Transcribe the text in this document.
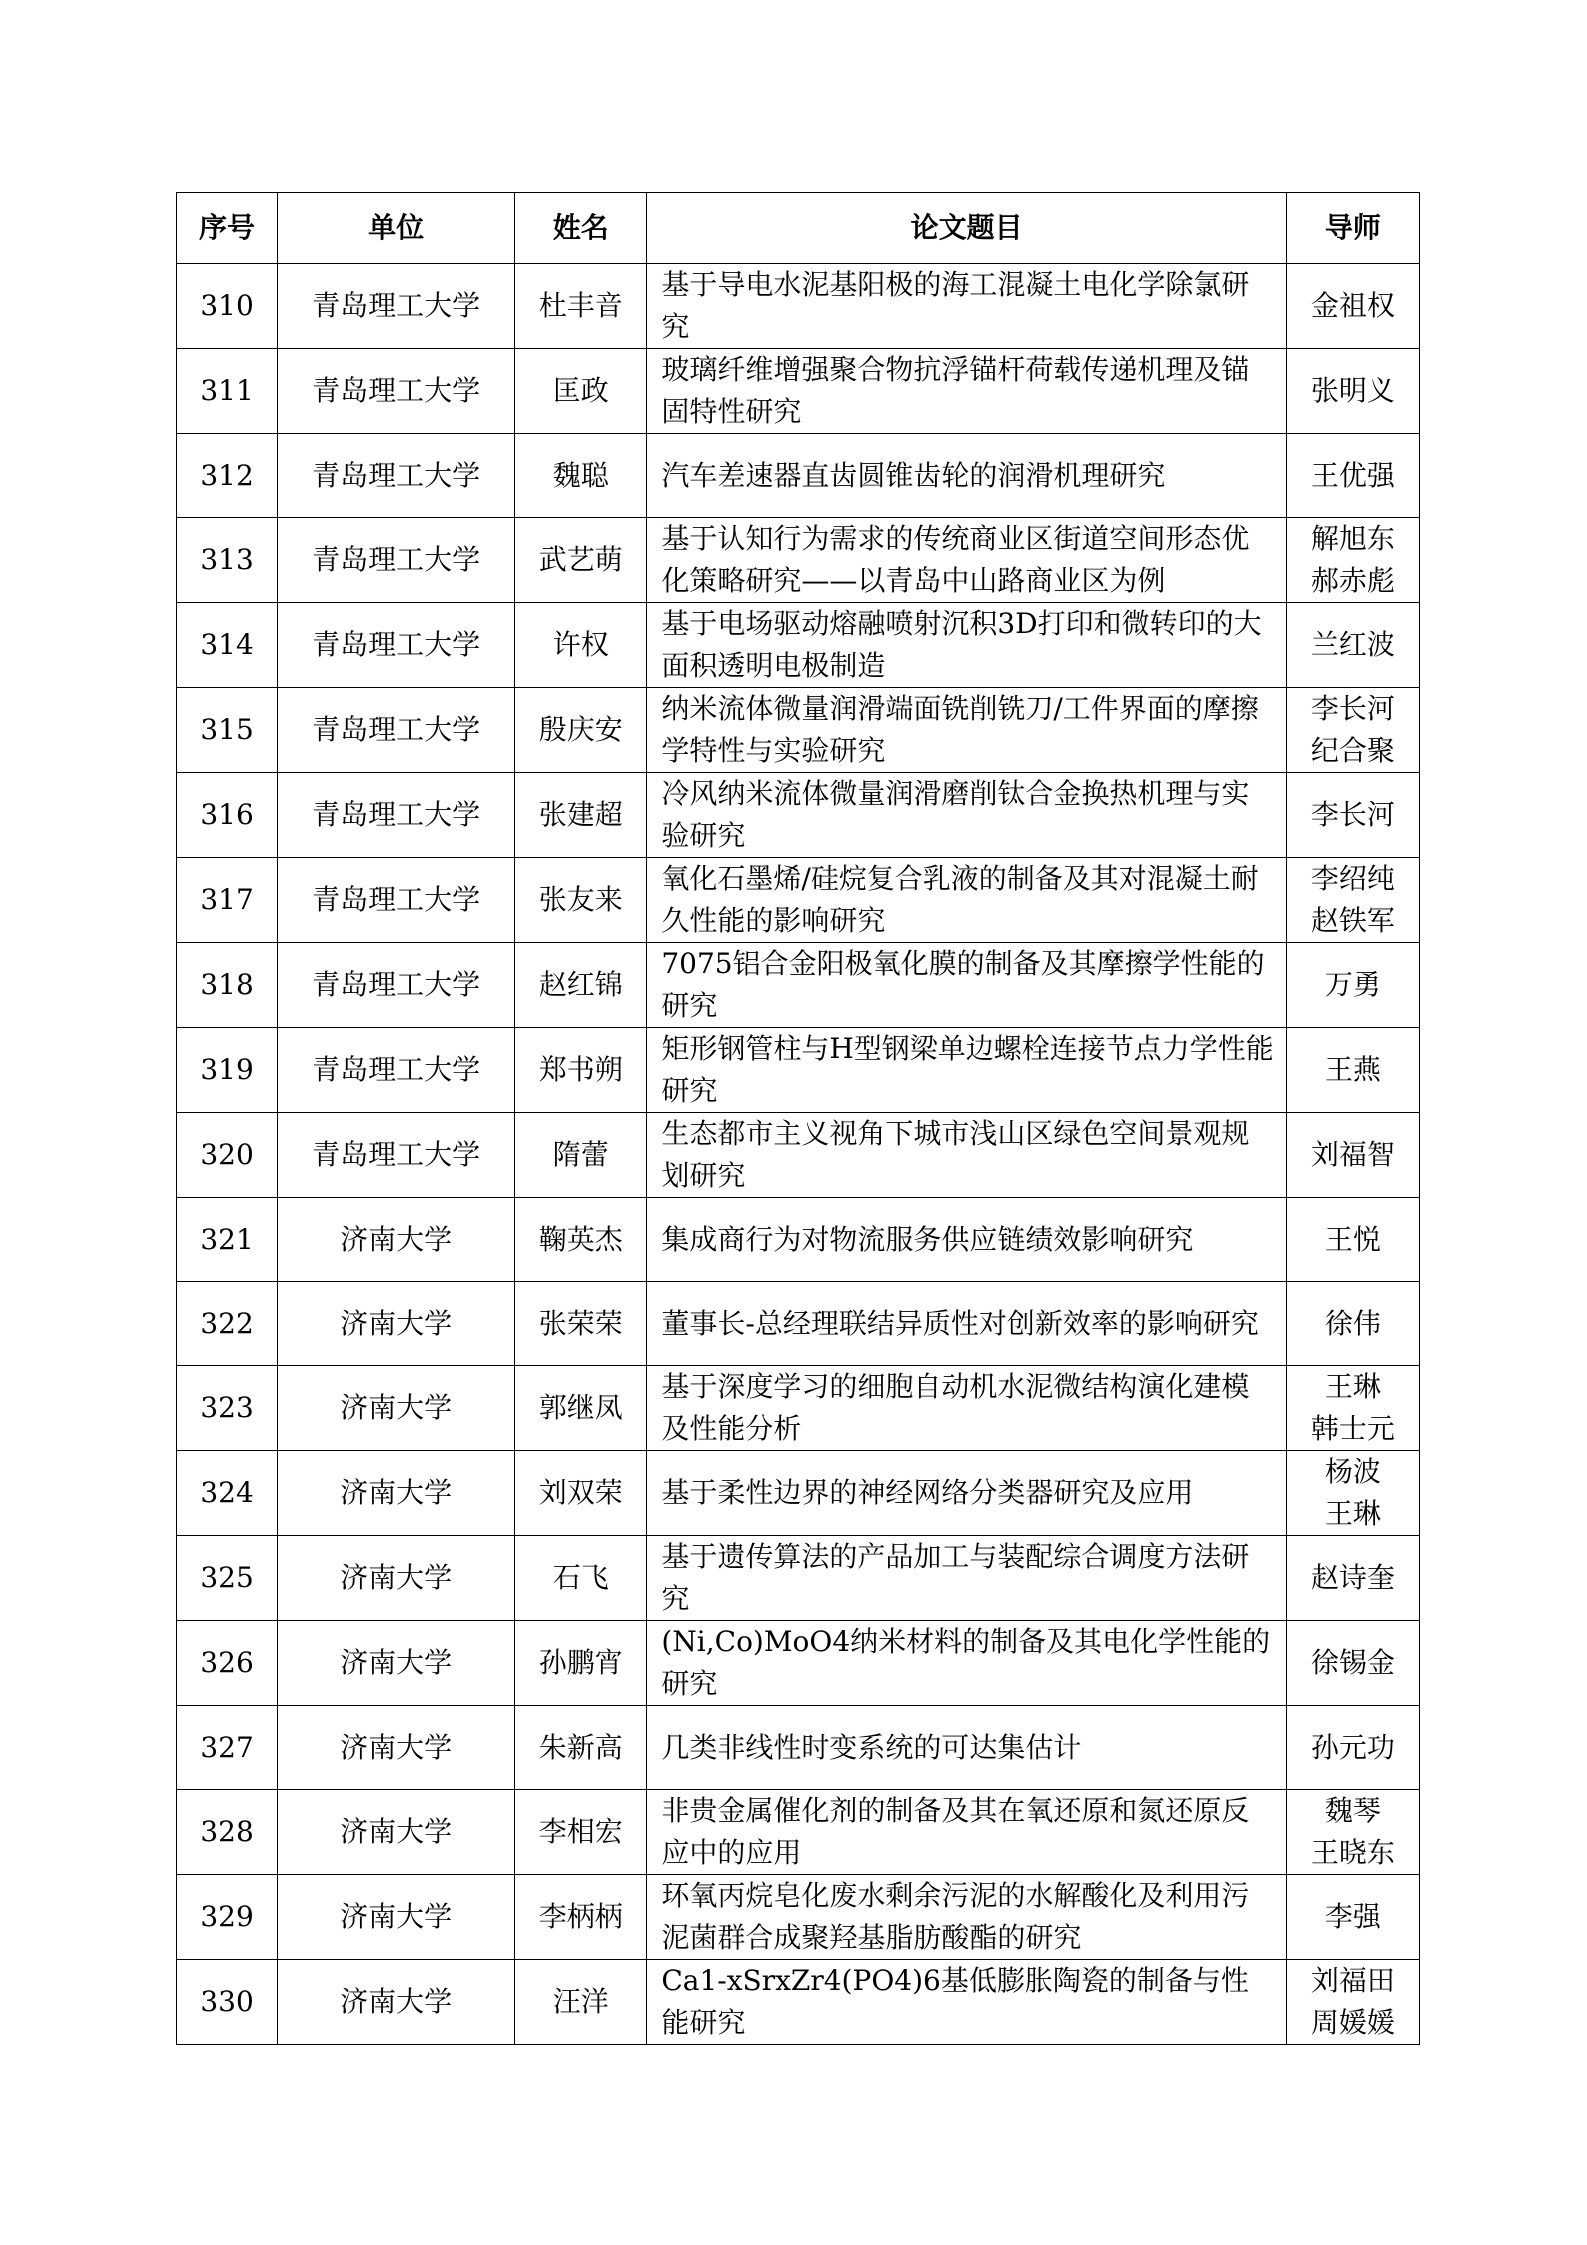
序号	单位	姓名	论文题目	导师
310	青岛理工大学	杜丰音	基于导电水泥基阳极的海工混凝土电化学除氯研究	金祖权

311	青岛理工大学	匡政	玻璃纤维增强聚合物抗浮锚杆荷载传递机理及锚固特性研究	张明义

312	青岛理工大学	魏聪	汽车差速器直齿圆锥齿轮的润滑机理研究	王优强

313	青岛理工大学	武艺萌	基于认知行为需求的传统商业区街道空间形态优化策略研究——以青岛中山路商业区为例	解旭东
郝赤彪

314	青岛理工大学	许权	基于电场驱动熔融喷射沉积3D打印和微转印的大面积透明电极制造	兰红波

315	青岛理工大学	殷庆安	纳米流体微量润滑端面铣削铣刀/工件界面的摩擦学特性与实验研究	李长河
纪合聚

316	青岛理工大学	张建超	冷风纳米流体微量润滑磨削钛合金换热机理与实验研究	李长河

317	青岛理工大学	张友来	氧化石墨烯/硅烷复合乳液的制备及其对混凝土耐久性能的影响研究	李绍纯
赵铁军

318	青岛理工大学	赵红锦	7075铝合金阳极氧化膜的制备及其摩擦学性能的研究	万勇

319	青岛理工大学	郑书朔	矩形钢管柱与H型钢梁单边螺栓连接节点力学性能研究	王燕

320	青岛理工大学	隋蕾	生态都市主义视角下城市浅山区绿色空间景观规划研究	刘福智

321	济南大学	鞠英杰	集成商行为对物流服务供应链绩效影响研究	王悦

322	济南大学	张荣荣	董事长-总经理联结异质性对创新效率的影响研究	徐伟

323	济南大学	郭继凤	基于深度学习的细胞自动机水泥微结构演化建模及性能分析	王琳
韩士元

324	济南大学	刘双荣	基于柔性边界的神经网络分类器研究及应用	杨波
王琳

325	济南大学	石飞	基于遗传算法的产品加工与装配综合调度方法研究	赵诗奎

326	济南大学	孙鹏宵	(Ni,Co)MoO4纳米材料的制备及其电化学性能的研究	徐锡金

327	济南大学	朱新高	几类非线性时变系统的可达集估计	孙元功

328	济南大学	李相宏	非贵金属催化剂的制备及其在氧还原和氮还原反应中的应用	魏琴
王晓东

329	济南大学	李柄柄	环氧丙烷皂化废水剩余污泥的水解酸化及利用污泥菌群合成聚羟基脂肪酸酯的研究	李强

330	济南大学	汪洋	Ca1-xSrxZr4(PO4)6基低膨胀陶瓷的制备与性能研究	刘福田
周媛媛
